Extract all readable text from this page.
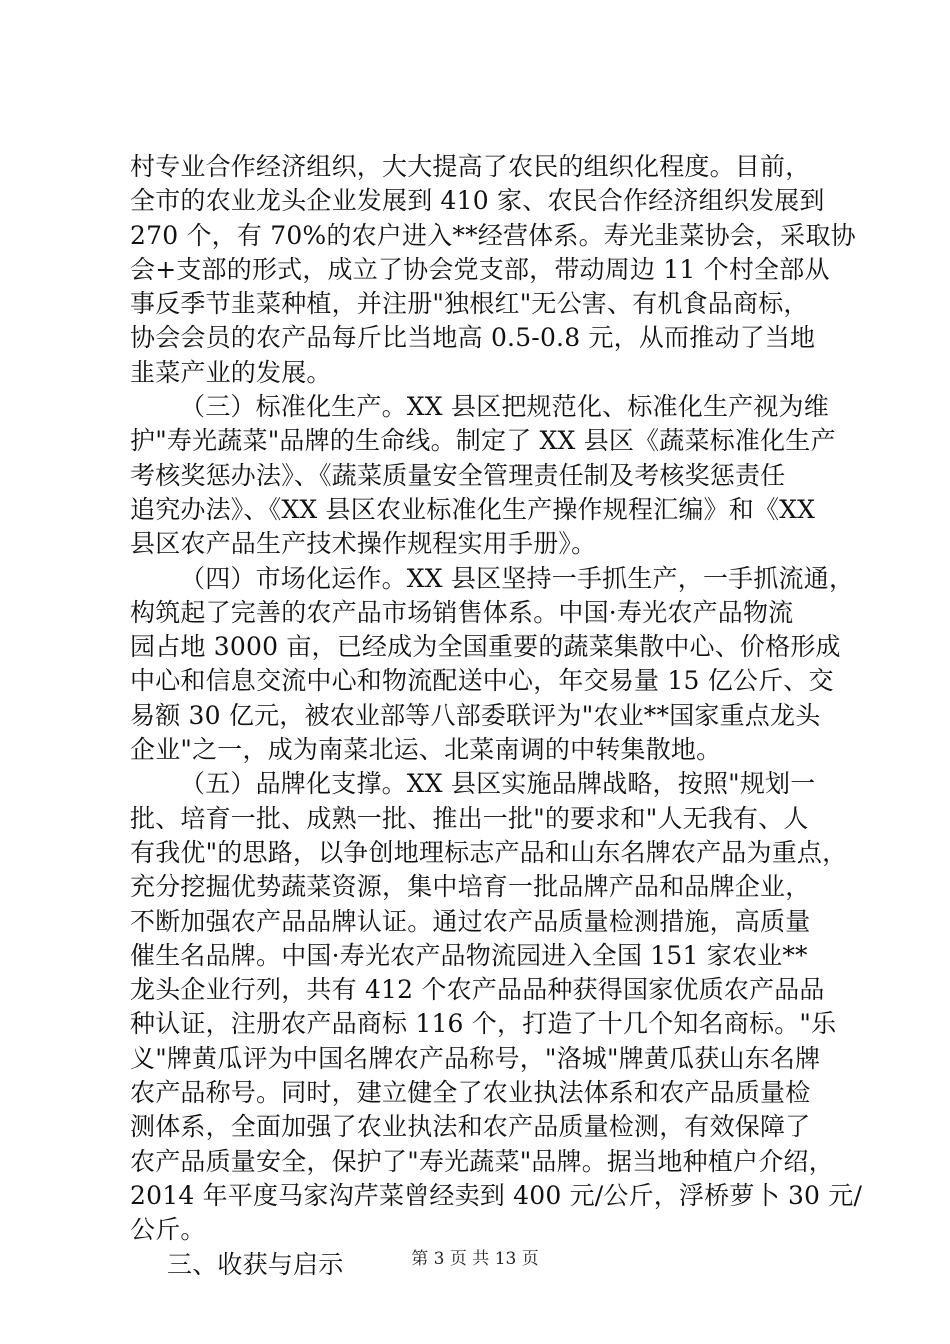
村专业合作经济组织，大大提高了农民的组织化程度。目前，
全市的农业龙头企业发展到 410 家、农民合作经济组织发展到
270 个，有 70%的农户进入**经营体系。寿光韭菜协会，采取协
会+支部的形式，成立了协会党支部，带动周边 11 个村全部从
事反季节韭菜种植，并注册"独根红"无公害、有机食品商标，
协会会员的农产品每斤比当地高 0.5-0.8 元，从而推动了当地
韭菜产业的发展。
（三）标准化生产。XX 县区把规范化、标准化生产视为维
护"寿光蔬菜"品牌的生命线。制定了 XX 县区《蔬菜标准化生产
考核奖惩办法》、《蔬菜质量安全管理责任制及考核奖惩责任
追究办法》、《XX 县区农业标准化生产操作规程汇编》和《XX
县区农产品生产技术操作规程实用手册》。
（四）市场化运作。XX 县区坚持一手抓生产，一手抓流通，
构筑起了完善的农产品市场销售体系。中国·寿光农产品物流
园占地 3000 亩，已经成为全国重要的蔬菜集散中心、价格形成
中心和信息交流中心和物流配送中心，年交易量 15 亿公斤、交
易额 30 亿元，被农业部等八部委联评为"农业**国家重点龙头
企业"之一，成为南菜北运、北菜南调的中转集散地。
（五）品牌化支撑。XX 县区实施品牌战略，按照"规划一
批、培育一批、成熟一批、推出一批"的要求和"人无我有、人
有我优"的思路，以争创地理标志产品和山东名牌农产品为重点，
充分挖掘优势蔬菜资源，集中培育一批品牌产品和品牌企业，
不断加强农产品品牌认证。通过农产品质量检测措施，高质量
催生名品牌。中国·寿光农产品物流园进入全国 151 家农业**
龙头企业行列，共有 412 个农产品品种获得国家优质农产品品
种认证，注册农产品商标 116 个，打造了十几个知名商标。"乐
义"牌黄瓜评为中国名牌农产品称号，"洛城"牌黄瓜获山东名牌
农产品称号。同时，建立健全了农业执法体系和农产品质量检
测体系，全面加强了农业执法和农产品质量检测，有效保障了
农产品质量安全，保护了"寿光蔬菜"品牌。据当地种植户介绍，
2014 年平度马家沟芹菜曾经卖到 400 元/公斤，浮桥萝卜 30 元/
公斤。
三、收获与启示	第 3 页 共 13 页
